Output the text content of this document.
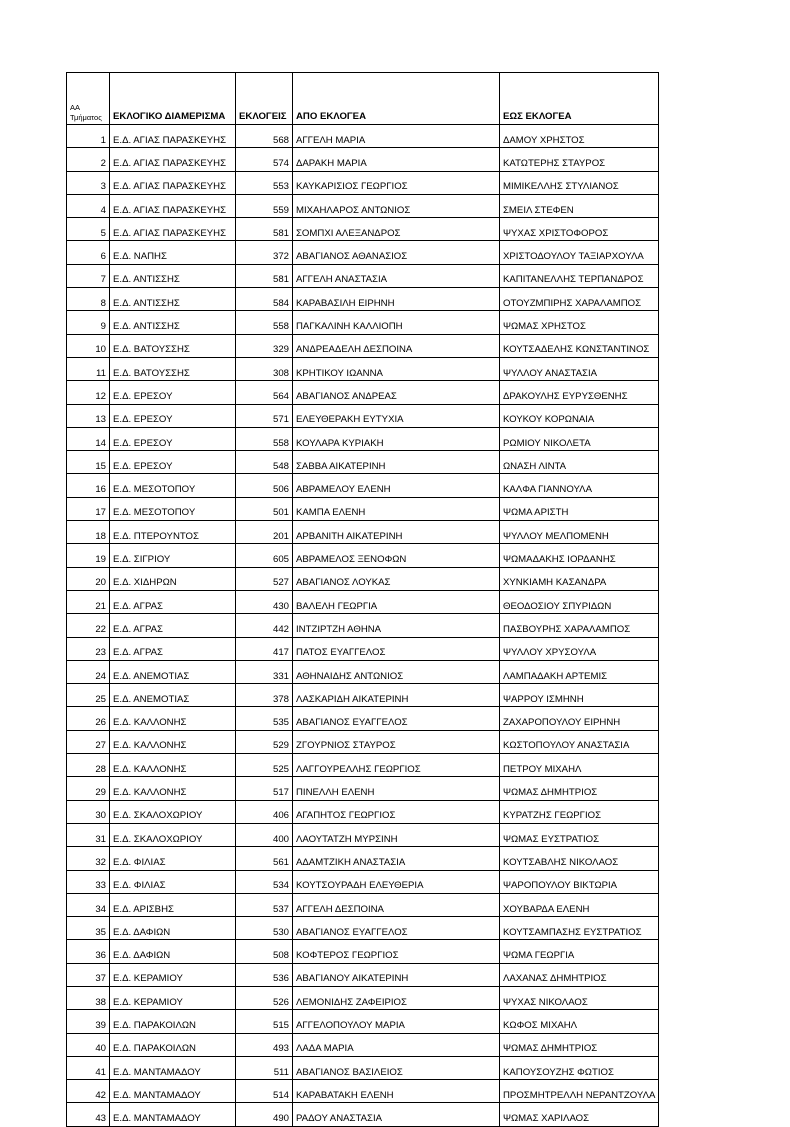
ΑΑ
Τμήματος	ΕΚΛΟΓΙΚΟ ΔΙΑΜΕΡΙΣΜΑ	ΕΚΛΟΓΕΙΣ	ΑΠΟ ΕΚΛΟΓΕΑ	ΕΩΣ ΕΚΛΟΓΕΑ
1	Ε.Δ. ΑΓΙΑΣ ΠΑΡΑΣΚΕΥΗΣ	568	ΑΓΓΕΛΗ ΜΑΡΙΑ	ΔΑΜΟΥ ΧΡΗΣΤΟΣ
2	Ε.Δ. ΑΓΙΑΣ ΠΑΡΑΣΚΕΥΗΣ	574	ΔΑΡΑΚΗ ΜΑΡΙΑ	ΚΑΤΩΤΕΡΗΣ ΣΤΑΥΡΟΣ
3	Ε.Δ. ΑΓΙΑΣ ΠΑΡΑΣΚΕΥΗΣ	553	ΚΑΥΚΑΡΙΣΙΟΣ ΓΕΩΡΓΙΟΣ	ΜΙΜΙΚΕΛΛΗΣ ΣΤΥΛΙΑΝΟΣ
4	Ε.Δ. ΑΓΙΑΣ ΠΑΡΑΣΚΕΥΗΣ	559	ΜΙΧΑΗΛΑΡΟΣ ΑΝΤΩΝΙΟΣ	ΣΜΕΙΛ ΣΤΕΦΕΝ
5	Ε.Δ. ΑΓΙΑΣ ΠΑΡΑΣΚΕΥΗΣ	581	ΣΟΜΠΧΙ ΑΛΕΞΑΝΔΡΟΣ	ΨΥΧΑΣ ΧΡΙΣΤΟΦΟΡΟΣ
6	Ε.Δ. ΝΑΠΗΣ	372	ΑΒΑΓΙΑΝΟΣ ΑΘΑΝΑΣΙΟΣ	ΧΡΙΣΤΟΔΟΥΛΟΥ ΤΑΞΙΑΡΧΟΥΛΑ
7	Ε.Δ. ΑΝΤΙΣΣΗΣ	581	ΑΓΓΕΛΗ ΑΝΑΣΤΑΣΙΑ	ΚΑΠΙΤΑΝΕΛΛΗΣ ΤΕΡΠΑΝΔΡΟΣ
8	Ε.Δ. ΑΝΤΙΣΣΗΣ	584	ΚΑΡΑΒΑΣΙΛΗ ΕΙΡΗΝΗ	ΟΤΟΥΖΜΠΙΡΗΣ ΧΑΡΑΛΑΜΠΟΣ
9	Ε.Δ. ΑΝΤΙΣΣΗΣ	558	ΠΑΓΚΑΛΙΝΗ ΚΑΛΛΙΟΠΗ	ΨΩΜΑΣ ΧΡΗΣΤΟΣ
10	Ε.Δ. ΒΑΤΟΥΣΣΗΣ	329	ΑΝΔΡΕΑΔΕΛΗ ΔΕΣΠΟΙΝΑ	ΚΟΥΤΣΑΔΕΛΗΣ ΚΩΝΣΤΑΝΤΙΝΟΣ
11	Ε.Δ. ΒΑΤΟΥΣΣΗΣ	308	ΚΡΗΤΙΚΟΥ ΙΩΑΝΝΑ	ΨΥΛΛΟΥ ΑΝΑΣΤΑΣΙΑ
12	Ε.Δ. ΕΡΕΣΟΥ	564	ΑΒΑΓΙΑΝΟΣ ΑΝΔΡΕΑΣ	ΔΡΑΚΟΥΛΗΣ ΕΥΡΥΣΘΕΝΗΣ
13	Ε.Δ. ΕΡΕΣΟΥ	571	ΕΛΕΥΘΕΡΑΚΗ ΕΥΤΥΧΙΑ	ΚΟΥΚΟΥ ΚΟΡΩΝΑΙΑ
14	Ε.Δ. ΕΡΕΣΟΥ	558	ΚΟΥΛΑΡΑ ΚΥΡΙΑΚΗ	ΡΩΜΙΟΥ ΝΙΚΟΛΕΤΑ
15	Ε.Δ. ΕΡΕΣΟΥ	548	ΣΑΒΒΑ ΑΙΚΑΤΕΡΙΝΗ	ΩΝΑΣΗ ΛΙΝΤΑ
16	Ε.Δ. ΜΕΣΟΤΟΠΟΥ	506	ΑΒΡΑΜΕΛΟΥ ΕΛΕΝΗ	ΚΑΛΦΑ ΓΙΑΝΝΟΥΛΑ
17	Ε.Δ. ΜΕΣΟΤΟΠΟΥ	501	ΚΑΜΠΑ ΕΛΕΝΗ	ΨΩΜΑ ΑΡΙΣΤΗ
18	Ε.Δ. ΠΤΕΡΟΥΝΤΟΣ	201	ΑΡΒΑΝΙΤΗ ΑΙΚΑΤΕΡΙΝΗ	ΨΥΛΛΟΥ ΜΕΛΠΟΜΕΝΗ
19	Ε.Δ. ΣΙΓΡΙΟΥ	605	ΑΒΡΑΜΕΛΟΣ ΞΕΝΟΦΩΝ	ΨΩΜΑΔΑΚΗΣ ΙΟΡΔΑΝΗΣ
20	Ε.Δ. ΧΙΔΗΡΩΝ	527	ΑΒΑΓΙΑΝΟΣ ΛΟΥΚΑΣ	ΧΥΝΚΙΑΜΗ ΚΑΣΑΝΔΡΑ
21	Ε.Δ. ΑΓΡΑΣ	430	ΒΑΛΕΛΗ ΓΕΩΡΓΙΑ	ΘΕΟΔΟΣΙΟΥ ΣΠΥΡΙΔΩΝ
22	Ε.Δ. ΑΓΡΑΣ	442	ΙΝΤΖΙΡΤΖΗ ΑΘΗΝΑ	ΠΑΣΒΟΥΡΗΣ ΧΑΡΑΛΑΜΠΟΣ
23	Ε.Δ. ΑΓΡΑΣ	417	ΠΑΤΟΣ ΕΥΑΓΓΕΛΟΣ	ΨΥΛΛΟΥ ΧΡΥΣΟΥΛΑ
24	Ε.Δ. ΑΝΕΜΟΤΙΑΣ	331	ΑΘΗΝΑΙΔΗΣ ΑΝΤΩΝΙΟΣ	ΛΑΜΠΑΔΑΚΗ ΑΡΤΕΜΙΣ
25	Ε.Δ. ΑΝΕΜΟΤΙΑΣ	378	ΛΑΣΚΑΡΙΔΗ ΑΙΚΑΤΕΡΙΝΗ	ΨΑΡΡΟΥ ΙΣΜΗΝΗ
26	Ε.Δ. ΚΑΛΛΟΝΗΣ	535	ΑΒΑΓΙΑΝΟΣ ΕΥΑΓΓΕΛΟΣ	ΖΑΧΑΡΟΠΟΥΛΟΥ ΕΙΡΗΝΗ
27	Ε.Δ. ΚΑΛΛΟΝΗΣ	529	ΖΓΟΥΡΝΙΟΣ ΣΤΑΥΡΟΣ	ΚΩΣΤΟΠΟΥΛΟΥ ΑΝΑΣΤΑΣΙΑ
28	Ε.Δ. ΚΑΛΛΟΝΗΣ	525	ΛΑΓΓΟΥΡΕΛΛΗΣ ΓΕΩΡΓΙΟΣ	ΠΕΤΡΟΥ ΜΙΧΑΗΛ
29	Ε.Δ. ΚΑΛΛΟΝΗΣ	517	ΠΙΝΕΛΛΗ ΕΛΕΝΗ	ΨΩΜΑΣ ΔΗΜΗΤΡΙΟΣ
30	Ε.Δ. ΣΚΑΛΟΧΩΡΙΟΥ	406	ΑΓΑΠΗΤΟΣ ΓΕΩΡΓΙΟΣ	ΚΥΡΑΤΖΗΣ ΓΕΩΡΓΙΟΣ
31	Ε.Δ. ΣΚΑΛΟΧΩΡΙΟΥ	400	ΛΑΟΥΤΑΤΖΗ ΜΥΡΣΙΝΗ	ΨΩΜΑΣ ΕΥΣΤΡΑΤΙΟΣ
32	Ε.Δ. ΦΙΛΙΑΣ	561	ΑΔΑΜΤΖΙΚΗ ΑΝΑΣΤΑΣΙΑ	ΚΟΥΤΣΑΒΛΗΣ ΝΙΚΟΛΑΟΣ
33	Ε.Δ. ΦΙΛΙΑΣ	534	ΚΟΥΤΣΟΥΡΑΔΗ ΕΛΕΥΘΕΡΙΑ	ΨΑΡΟΠΟΥΛΟΥ ΒΙΚΤΩΡΙΑ
34	Ε.Δ. ΑΡΙΣΒΗΣ	537	ΑΓΓΕΛΗ ΔΕΣΠΟΙΝΑ	ΧΟΥΒΑΡΔΑ ΕΛΕΝΗ
35	Ε.Δ. ΔΑΦΙΩΝ	530	ΑΒΑΓΙΑΝΟΣ ΕΥΑΓΓΕΛΟΣ	ΚΟΥΤΣΑΜΠΑΣΗΣ ΕΥΣΤΡΑΤΙΟΣ
36	Ε.Δ. ΔΑΦΙΩΝ	508	ΚΟΦΤΕΡΟΣ ΓΕΩΡΓΙΟΣ	ΨΩΜΑ ΓΕΩΡΓΙΑ
37	Ε.Δ. ΚΕΡΑΜΙΟΥ	536	ΑΒΑΓΙΑΝΟΥ ΑΙΚΑΤΕΡΙΝΗ	ΛΑΧΑΝΑΣ ΔΗΜΗΤΡΙΟΣ
38	Ε.Δ. ΚΕΡΑΜΙΟΥ	526	ΛΕΜΟΝΙΔΗΣ ΖΑΦΕΙΡΙΟΣ	ΨΥΧΑΣ ΝΙΚΟΛΑΟΣ
39	Ε.Δ. ΠΑΡΑΚΟΙΛΩΝ	515	ΑΓΓΕΛΟΠΟΥΛΟΥ ΜΑΡΙΑ	ΚΩΦΟΣ ΜΙΧΑΗΛ
40	Ε.Δ. ΠΑΡΑΚΟΙΛΩΝ	493	ΛΑΔΑ ΜΑΡΙΑ	ΨΩΜΑΣ ΔΗΜΗΤΡΙΟΣ
41	Ε.Δ. ΜΑΝΤΑΜΑΔΟΥ	511	ΑΒΑΓΙΑΝΟΣ ΒΑΣΙΛΕΙΟΣ	ΚΑΠΟΥΣΟΥΖΗΣ ΦΩΤΙΟΣ
42	Ε.Δ. ΜΑΝΤΑΜΑΔΟΥ	514	ΚΑΡΑΒΑΤΑΚΗ ΕΛΕΝΗ	ΠΡΟΣΜΗΤΡΕΛΛΗ ΝΕΡΑΝΤΖΟΥΛΑ
43	Ε.Δ. ΜΑΝΤΑΜΑΔΟΥ	490	ΡΑΔΟΥ ΑΝΑΣΤΑΣΙΑ	ΨΩΜΑΣ ΧΑΡΙΛΑΟΣ
